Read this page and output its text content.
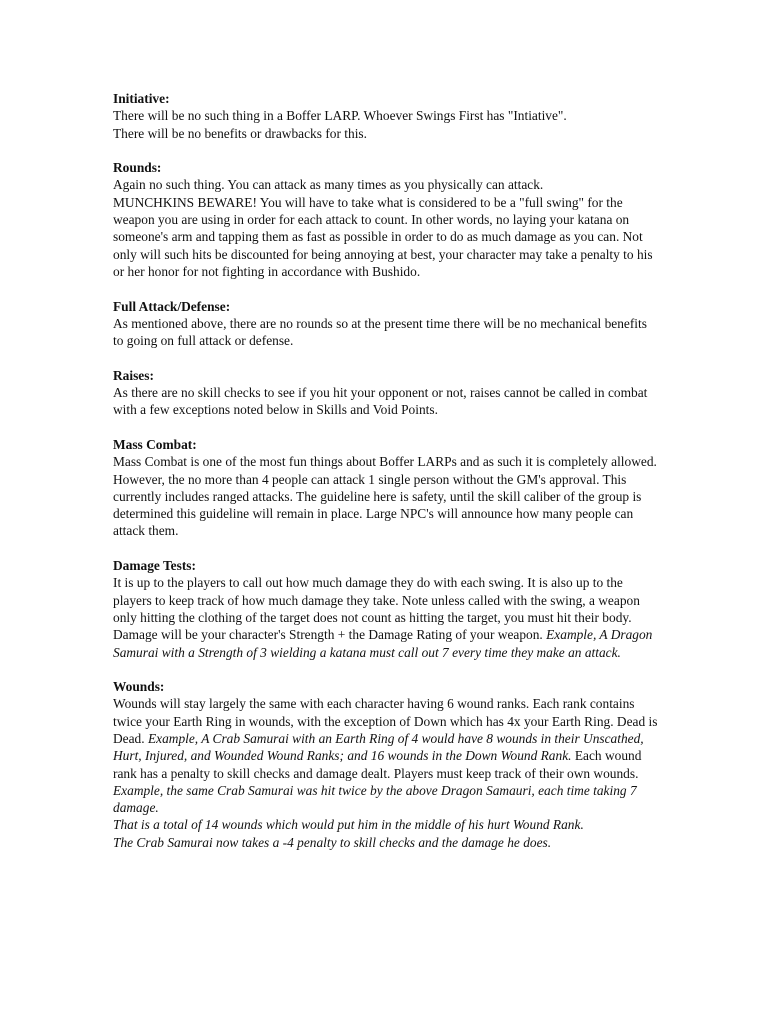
Initiative:
There will be no such thing in a Boffer LARP. Whoever Swings First has "Intiative".
There will be no benefits or drawbacks for this.
Rounds:
Again no such thing. You can attack as many times as you physically can attack.
MUNCHKINS BEWARE! You will have to take what is considered to be a "full swing" for the weapon you are using in order for each attack to count. In other words, no laying your katana on someone's arm and tapping them as fast as possible in order to do as much damage as you can. Not only will such hits be discounted for being annoying at best, your character may take a penalty to his or her honor for not fighting in accordance with Bushido.
Full Attack/Defense:
As mentioned above, there are no rounds so at the present time there will be no mechanical benefits to going on full attack or defense.
Raises:
As there are no skill checks to see if you hit your opponent or not, raises cannot be called in combat with a few exceptions noted below in Skills and Void Points.
Mass Combat:
Mass Combat is one of the most fun things about Boffer LARPs and as such it is completely allowed. However, the no more than 4 people can attack 1 single person without the GM's approval. This currently includes ranged attacks. The guideline here is safety, until the skill caliber of the group is determined this guideline will remain in place. Large NPC's will announce how many people can attack them.
Damage Tests:
It is up to the players to call out how much damage they do with each swing. It is also up to the players to keep track of how much damage they take. Note unless called with the swing, a weapon only hitting the clothing of the target does not count as hitting the target, you must hit their body. Damage will be your character's Strength + the Damage Rating of your weapon. Example, A Dragon Samurai with a Strength of 3 wielding a katana must call out 7 every time they make an attack.
Wounds:
Wounds will stay largely the same with each character having 6 wound ranks. Each rank contains twice your Earth Ring in wounds, with the exception of Down which has 4x your Earth Ring. Dead is Dead. Example, A Crab Samurai with an Earth Ring of 4 would have 8 wounds in their Unscathed, Hurt, Injured, and Wounded Wound Ranks; and 16 wounds in the Down Wound Rank. Each wound rank has a penalty to skill checks and damage dealt. Players must keep track of their own wounds. Example, the same Crab Samurai was hit twice by the above Dragon Samauri, each time taking 7 damage.
That is a total of 14 wounds which would put him in the middle of his hurt Wound Rank.
The Crab Samurai now takes a -4 penalty to skill checks and the damage he does.
